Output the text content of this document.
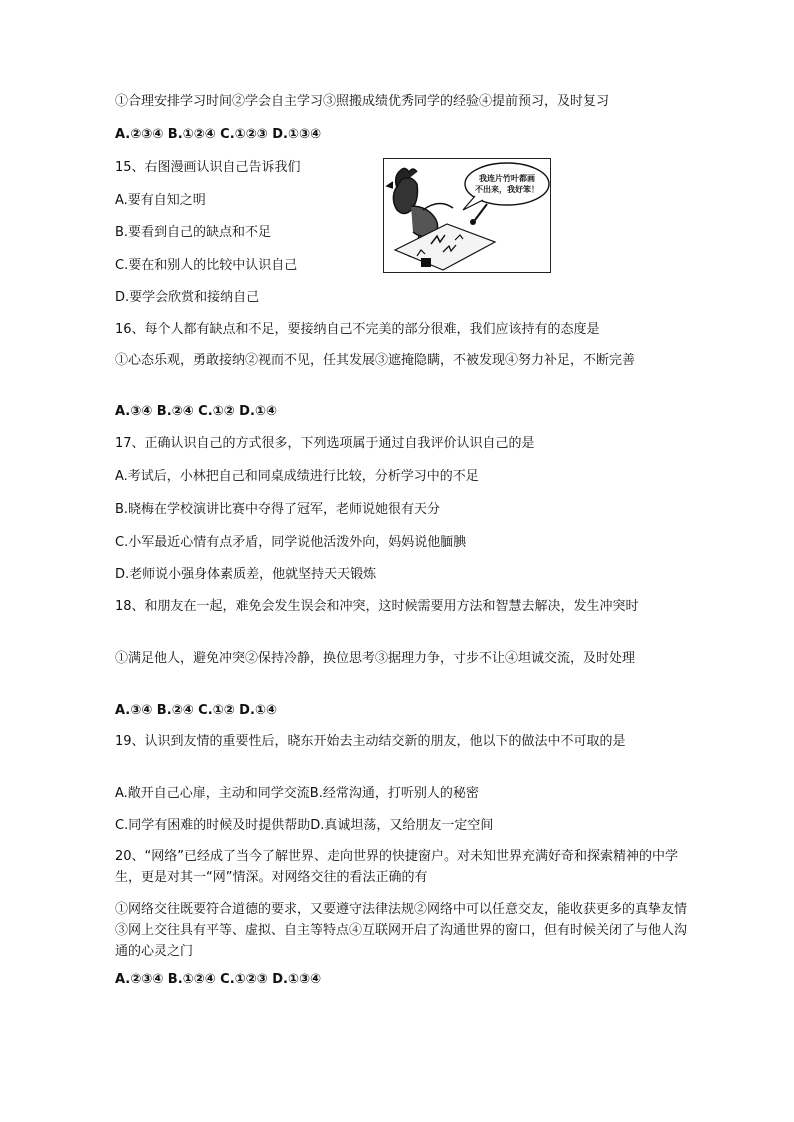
①合理安排学习时间②学会自主学习③照搬成绩优秀同学的经验④提前预习，及时复习

A.②③④ B.①②④ C.①②③ D.①③④

15、右图漫画认识自己告诉我们

A.要有自知之明

B.要看到自己的缺点和不足

C.要在和别人的比较中认识自己

D.要学会欣赏和接纳自己

我连片竹叶都画
不出来，我好笨！

16、每个人都有缺点和不足，要接纳自己不完美的部分很难，我们应该持有的态度是

①心态乐观，勇敢接纳②视而不见，任其发展③遮掩隐瞒，不被发现④努力补足，不断完善

A.③④ B.②④ C.①② D.①④

17、正确认识自己的方式很多，下列选项属于通过自我评价认识自己的是

A.考试后，小林把自己和同桌成绩进行比较，分析学习中的不足

B.晓梅在学校演讲比赛中夺得了冠军，老师说她很有天分

C.小军最近心情有点矛盾，同学说他活泼外向，妈妈说他腼腆

D.老师说小强身体素质差，他就坚持天天锻炼

18、和朋友在一起，难免会发生误会和冲突，这时候需要用方法和智慧去解决，发生冲突时

①满足他人，避免冲突②保持冷静，换位思考③据理力争，寸步不让④坦诚交流，及时处理

A.③④ B.②④ C.①② D.①④

19、认识到友情的重要性后，晓东开始去主动结交新的朋友，他以下的做法中不可取的是

A.敞开自己心扉，主动和同学交流B.经常沟通，打听别人的秘密

C.同学有困难的时候及时提供帮助D.真诚坦荡，又给朋友一定空间

20、“网络”已经成了当今了解世界、走向世界的快捷窗户。对未知世界充满好奇和探索精神的中学生，更是对其一“网”情深。对网络交往的看法正确的有

①网络交往既要符合道德的要求，又要遵守法律法规②网络中可以任意交友，能收获更多的真挚友情③网上交往具有平等、虚拟、自主等特点④互联网开启了沟通世界的窗口，但有时候关闭了与他人沟通的心灵之门

A.②③④ B.①②④ C.①②③ D.①③④
